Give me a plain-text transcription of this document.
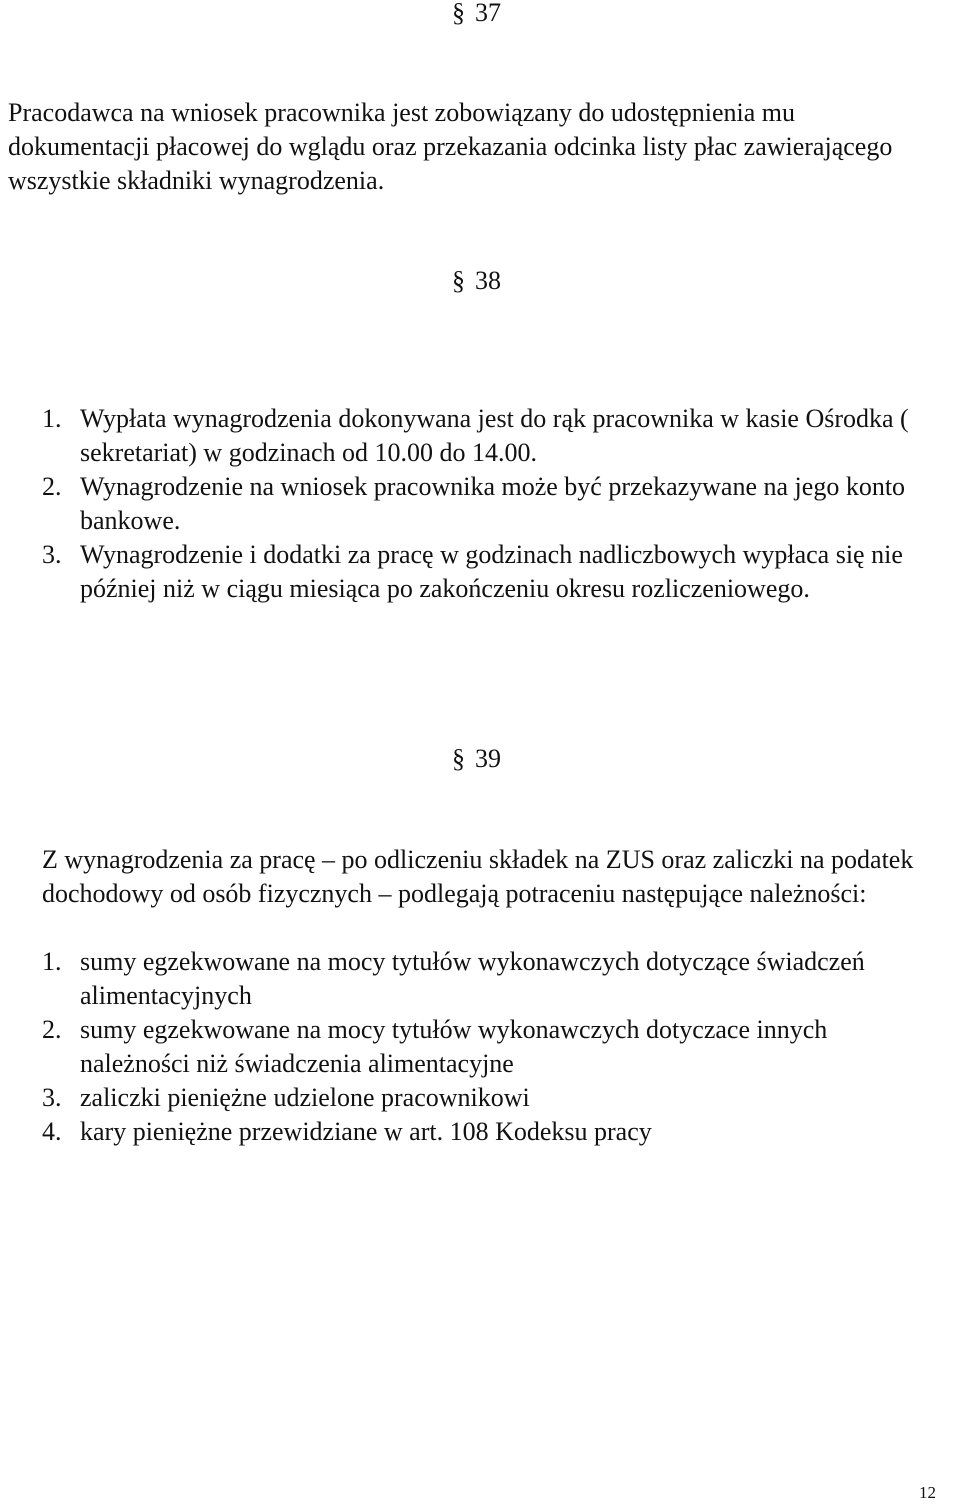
§ 37

Pracodawca na wniosek pracownika jest zobowiązany do udostępnienia mu dokumentacji płacowej do wglądu oraz przekazania odcinka listy płac zawierającego wszystkie składniki wynagrodzenia.

§ 38
1. Wypłata wynagrodzenia dokonywana jest do rąk pracownika w kasie Ośrodka ( sekretariat) w godzinach od 10.00 do 14.00.
2. Wynagrodzenie na wniosek pracownika może być przekazywane na jego konto bankowe.
3. Wynagrodzenie i dodatki za pracę w godzinach nadliczbowych wypłaca się nie później niż w ciągu miesiąca po zakończeniu okresu rozliczeniowego.
§ 39

Z wynagrodzenia za pracę – po odliczeniu składek na ZUS oraz zaliczki na podatek dochodowy od osób fizycznych – podlegają potraceniu następujące należności:

1. sumy egzekwowane na mocy tytułów wykonawczych dotyczące świadczeń alimentacyjnych
2. sumy egzekwowane na mocy tytułów wykonawczych dotyczace innych należności niż świadczenia alimentacyjne
3. zaliczki pieniężne udzielone pracownikowi
4. kary pieniężne przewidziane w art. 108 Kodeksu pracy
12
